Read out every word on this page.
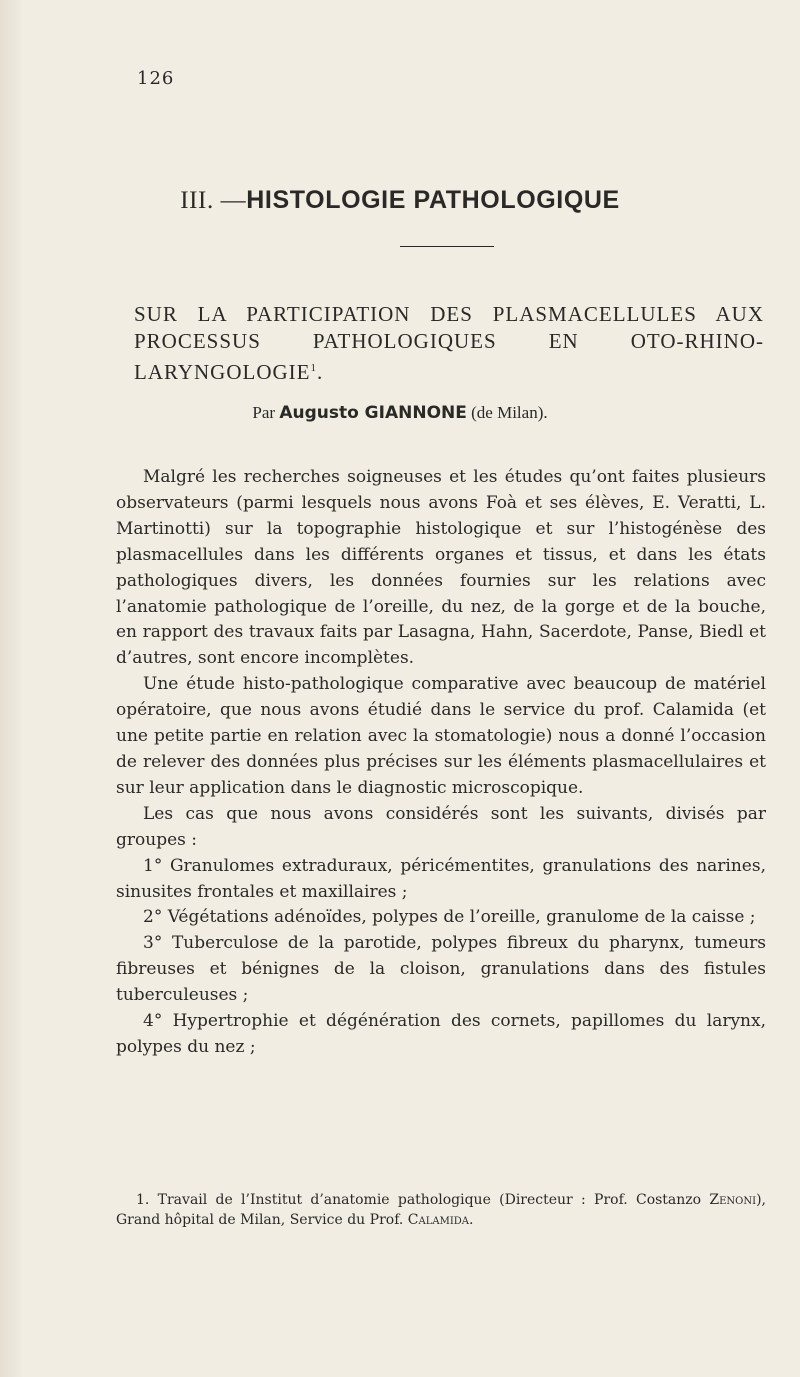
126
III. —HISTOLOGIE PATHOLOGIQUE
SUR LA PARTICIPATION DES PLASMACELLULES AUX PROCESSUS PATHOLOGIQUES EN OTO-RHINO-LARYNGOLOGIE$^1$.
Par Augusto GIANNONE (de Milan).

Malgré les recherches soigneuses et les études qu’ont faites plusieurs observateurs (parmi lesquels nous avons Foà et ses élèves, E. Veratti, L. Martinotti) sur la topographie histologique et sur l’histogénèse des plasmacellules dans les différents organes et tissus, et dans les états pathologiques divers, les données fournies sur les relations avec l’anatomie pathologique de l’oreille, du nez, de la gorge et de la bouche, en rapport des travaux faits par Lasagna, Hahn, Sacerdote, Panse, Biedl et d’autres, sont encore incomplètes.

Une étude histo-pathologique comparative avec beaucoup de matériel opératoire, que nous avons étudié dans le service du prof. Calamida (et une petite partie en relation avec la stomatologie) nous a donné l’occasion de relever des données plus précises sur les éléments plasmacellulaires et sur leur application dans le diagnostic microscopique.

Les cas que nous avons considérés sont les suivants, divisés par groupes :

1° Granulomes extraduraux, péricémentites, granulations des narines, sinusites frontales et maxillaires ;

2° Végétations adénoïdes, polypes de l’oreille, granulome de la caisse ;

3° Tuberculose de la parotide, polypes fibreux du pharynx, tumeurs fibreuses et bénignes de la cloison, granulations dans des fistules tuberculeuses ;

4° Hypertrophie et dégénération des cornets, papillomes du larynx, polypes du nez ;

1. Travail de l’Institut d’anatomie pathologique (Directeur : Prof. Costanzo Zenoni), Grand hôpital de Milan, Service du Prof. Calamida.
